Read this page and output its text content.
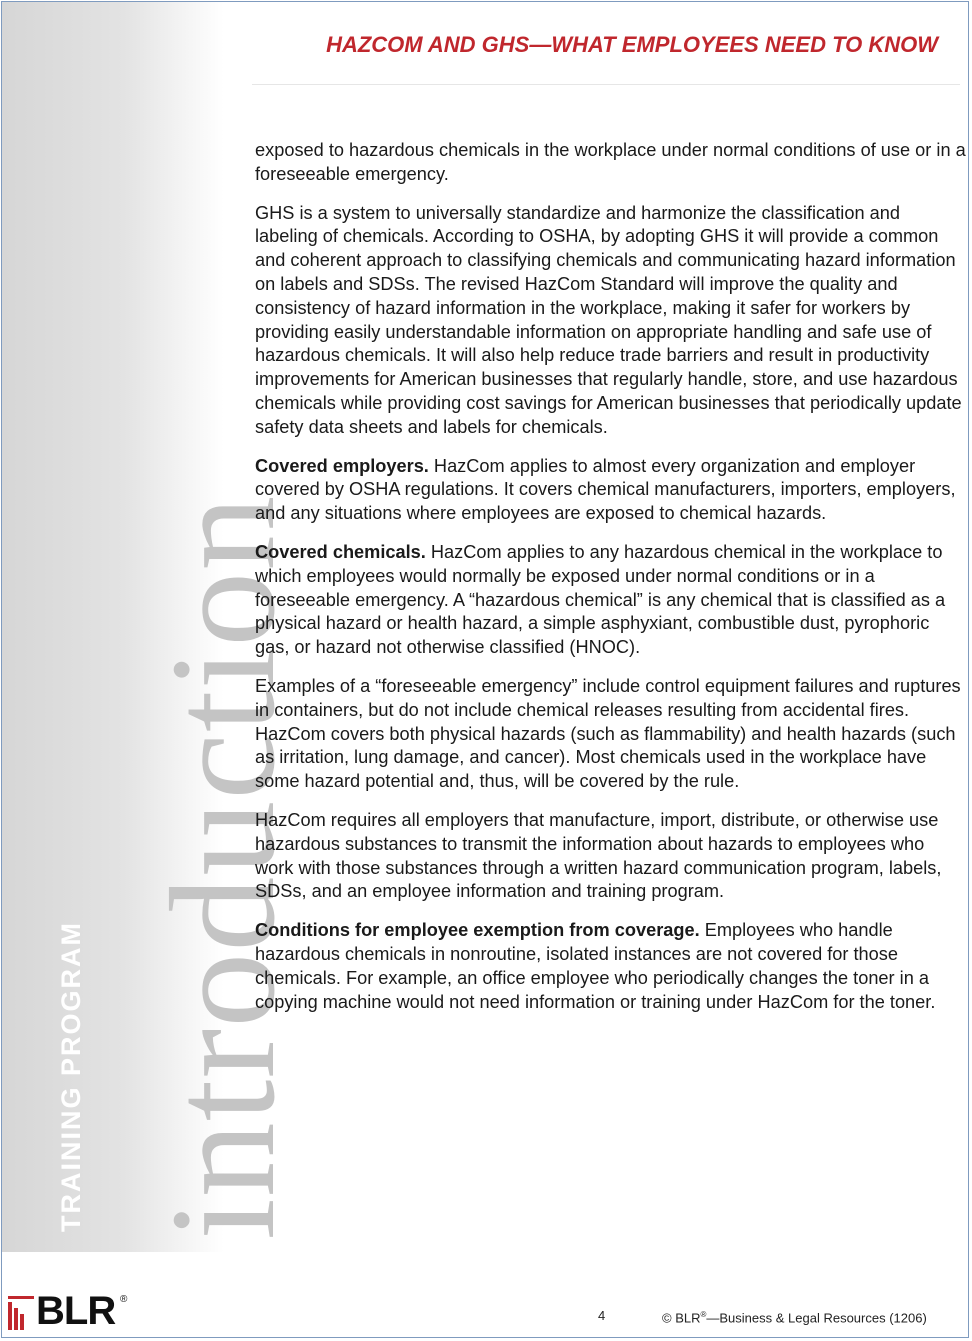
introduction
TRAINING PROGRAM
HAZCOM AND GHS—WHAT EMPLOYEES NEED TO KNOW

exposed to hazardous chemicals in the workplace under normal conditions of use or in a foreseeable emergency.

GHS is a system to universally standardize and harmonize the classification and labeling of chemicals. According to OSHA, by adopting GHS it will provide a common and coherent approach to classifying chemicals and communicating hazard information on labels and SDSs. The revised HazCom Standard will improve the quality and consistency of hazard information in the workplace, making it safer for workers by providing easily understandable information on appropriate handling and safe use of hazardous chemicals. It will also help reduce trade barriers and result in productivity improvements for American businesses that regularly handle, store, and use hazardous chemicals while providing cost savings for American businesses that periodically update safety data sheets and labels for chemicals.

Covered employers. HazCom applies to almost every organization and employer covered by OSHA regulations. It covers chemical manufacturers, importers, employers, and any situations where employees are exposed to chemical hazards.

Covered chemicals. HazCom applies to any hazardous chemical in the workplace to which employees would normally be exposed under normal conditions or in a foreseeable emergency. A “hazardous chemical” is any chemical that is classified as a physical hazard or health hazard, a simple asphyxiant, combustible dust, pyrophoric gas, or hazard not otherwise classified (HNOC).

Examples of a “foreseeable emergency” include control equipment failures and ruptures in containers, but do not include chemical releases resulting from accidental fires. HazCom covers both physical hazards (such as flammability) and health hazards (such as irritation, lung damage, and cancer). Most chemicals used in the workplace have some hazard potential and, thus, will be covered by the rule.

HazCom requires all employers that manufacture, import, distribute, or otherwise use hazardous substances to transmit the information about hazards to employees who work with those substances through a written hazard communication program, labels, SDSs, and an employee information and training program.

Conditions for employee exemption from coverage. Employees who handle hazardous chemicals in nonroutine, isolated instances are not covered for those chemicals. For example, an office employee who periodically changes the toner in a copying machine would not need information or training under HazCom for the toner.

BLR ®
4	© BLR®—Business & Legal Resources (1206)
